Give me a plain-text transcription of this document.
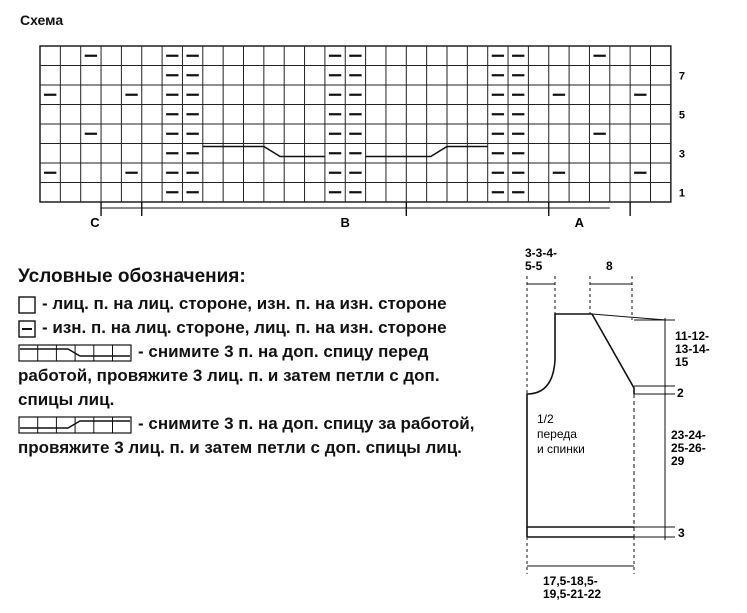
Схема
1
3
5
7
C	B	A
Условные обозначения:
- лиц. п. на лиц. стороне, изн. п. на изн. стороне
- изн. п. на лиц. стороне, лиц. п. на изн. стороне
- снимите 3 п. на доп. спицу перед работой, провяжите 3 лиц. п. и затем петли с доп. спицы лиц.
- снимите 3 п. на доп. спицу за работой, провяжите 3 лиц. п. и затем петли с доп. спицы лиц.
3-3-4-5-5	8
11-12-13-14-15
2
23-24-25-26-29
3
17,5-18,5-19,5-21-22
1/2 переда и спинки
